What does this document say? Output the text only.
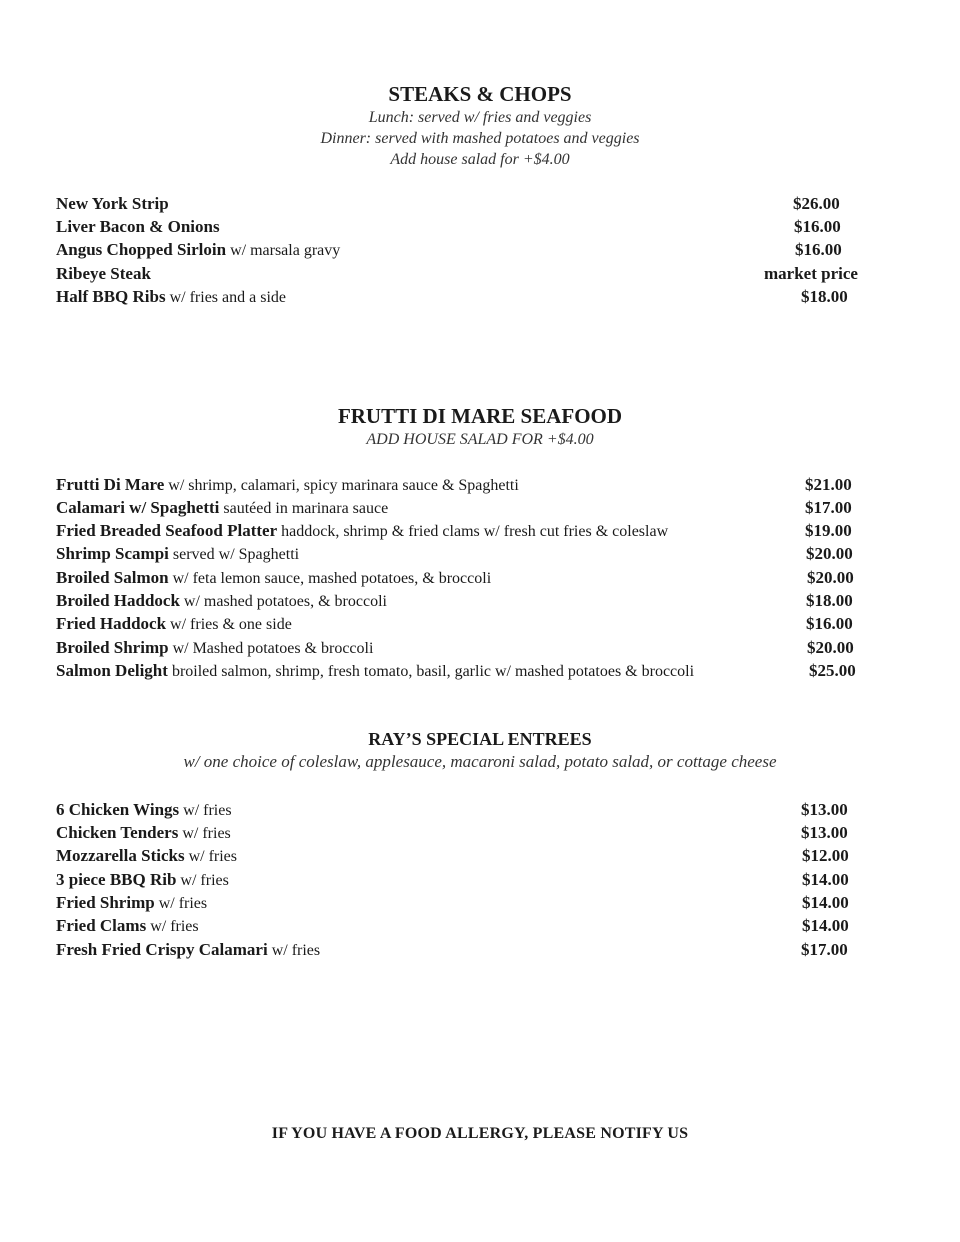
STEAKS & CHOPS
Lunch: served w/ fries and veggies
Dinner: served with mashed potatoes and veggies
Add house salad for +$4.00
New York Strip	$26.00
Liver Bacon & Onions	$16.00
Angus Chopped Sirloin w/ marsala gravy	$16.00
Ribeye Steak	market price
Half BBQ Ribs w/ fries and a side	$18.00
FRUTTI DI MARE SEAFOOD
ADD HOUSE SALAD FOR +$4.00
Frutti Di Mare w/ shrimp, calamari, spicy marinara sauce & Spaghetti	$21.00
Calamari w/ Spaghetti sautéed in marinara sauce	$17.00
Fried Breaded Seafood Platter haddock, shrimp & fried clams w/ fresh cut fries & coleslaw	$19.00
Shrimp Scampi served w/ Spaghetti	$20.00
Broiled Salmon w/ feta lemon sauce, mashed potatoes, & broccoli	$20.00
Broiled Haddock w/ mashed potatoes, & broccoli	$18.00
Fried Haddock w/ fries & one side	$16.00
Broiled Shrimp w/ Mashed potatoes & broccoli	$20.00
Salmon Delight broiled salmon, shrimp, fresh tomato, basil, garlic w/ mashed potatoes & broccoli	$25.00
RAY’S SPECIAL ENTREES
w/ one choice of coleslaw, applesauce, macaroni salad, potato salad, or cottage cheese
6 Chicken Wings w/ fries	$13.00
Chicken Tenders w/ fries	$13.00
Mozzarella Sticks w/ fries	$12.00
3 piece BBQ Rib w/ fries	$14.00
Fried Shrimp w/ fries	$14.00
Fried Clams w/ fries	$14.00
Fresh Fried Crispy Calamari w/ fries	$17.00
IF YOU HAVE A FOOD ALLERGY, PLEASE NOTIFY US
